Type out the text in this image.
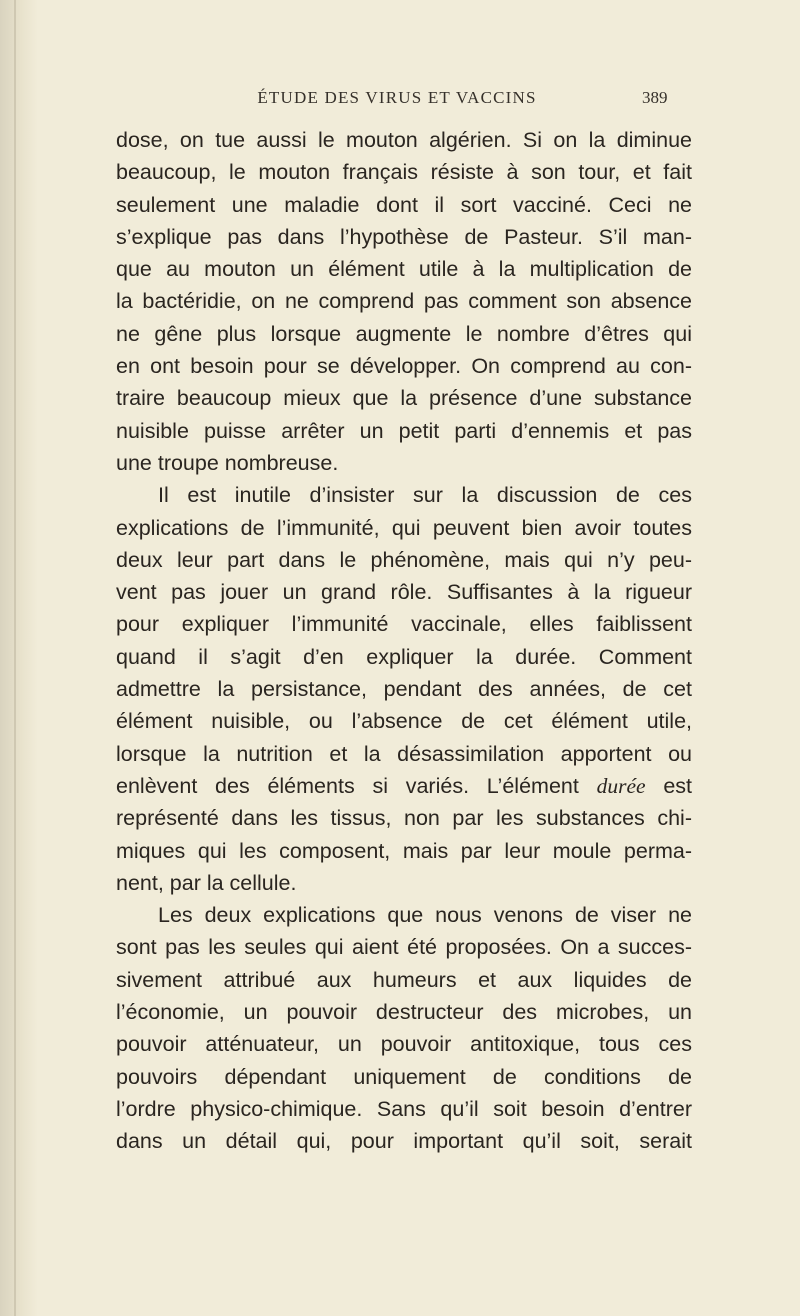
ÉTUDE DES VIRUS ET VACCINS	389
dose, on tue aussi le mouton algérien. Si on la diminue
beaucoup, le mouton français résiste à son tour, et fait
seulement une maladie dont il sort vacciné. Ceci ne
s’explique pas dans l’hypothèse de Pasteur. S’il man-
que au mouton un élément utile à la multiplication de
la bactéridie, on ne comprend pas comment son absence
ne gêne plus lorsque augmente le nombre d’êtres qui
en ont besoin pour se développer. On comprend au con-
traire beaucoup mieux que la présence d’une substance
nuisible puisse arrêter un petit parti d’ennemis et pas
une troupe nombreuse.
Il est inutile d’insister sur la discussion de ces
explications de l’immunité, qui peuvent bien avoir toutes
deux leur part dans le phénomène, mais qui n’y peu-
vent pas jouer un grand rôle. Suffisantes à la rigueur
pour expliquer l’immunité vaccinale, elles faiblissent
quand il s’agit d’en expliquer la durée. Comment
admettre la persistance, pendant des années, de cet
élément nuisible, ou l’absence de cet élément utile,
lorsque la nutrition et la désassimilation apportent ou
enlèvent des éléments si variés. L’élément durée est
représenté dans les tissus, non par les substances chi-
miques qui les composent, mais par leur moule perma-
nent, par la cellule.
Les deux explications que nous venons de viser ne
sont pas les seules qui aient été proposées. On a succes-
sivement attribué aux humeurs et aux liquides de
l’économie, un pouvoir destructeur des microbes, un
pouvoir atténuateur, un pouvoir antitoxique, tous ces
pouvoirs dépendant uniquement de conditions de
l’ordre physico-chimique. Sans qu’il soit besoin d’entrer
dans un détail qui, pour important qu’il soit, serait
